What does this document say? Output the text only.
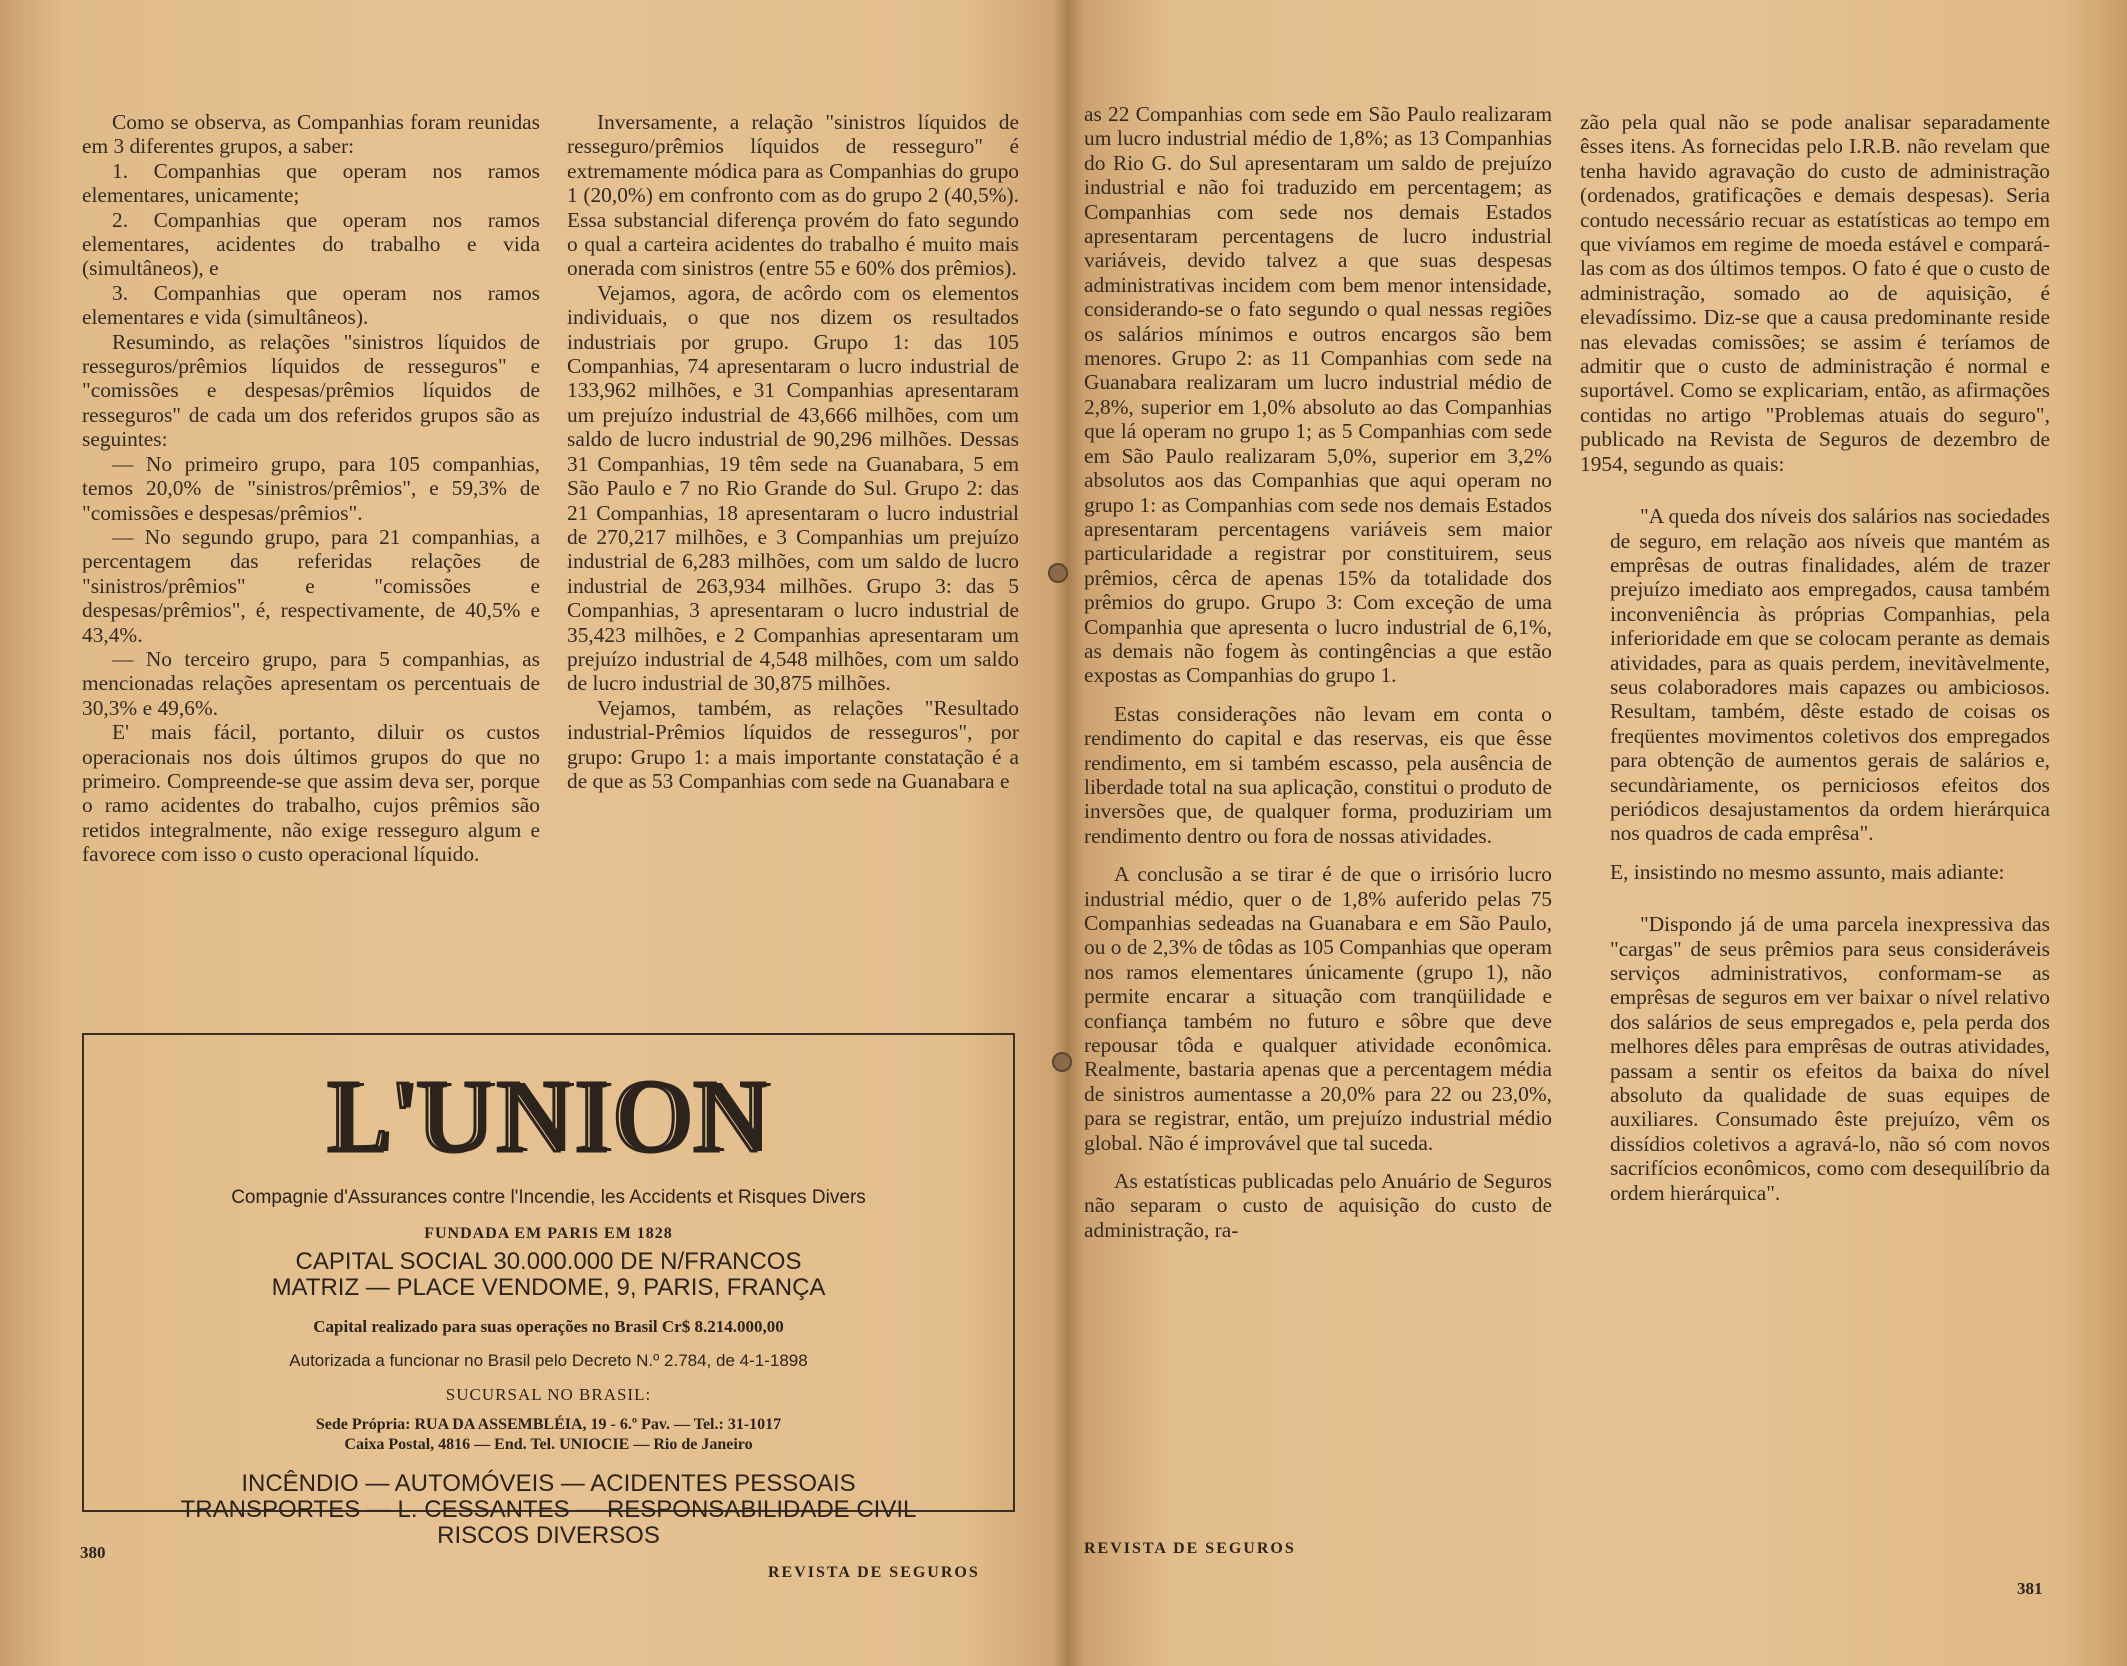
Como se observa, as Companhias foram reunidas em 3 diferentes grupos, a saber:

1. Companhias que operam nos ramos elementares, unicamente;

2. Companhias que operam nos ramos elementares, acidentes do trabalho e vida (simultâneos), e

3. Companhias que operam nos ramos elementares e vida (simultâneos).

Resumindo, as relações "sinistros líquidos de resseguros/prêmios líquidos de resseguros" e "comissões e despesas/prêmios líquidos de resseguros" de cada um dos referidos grupos são as seguintes:

— No primeiro grupo, para 105 companhias, temos 20,0% de "sinistros/prêmios", e 59,3% de "comissões e despesas/prêmios".

— No segundo grupo, para 21 companhias, a percentagem das referidas relações de "sinistros/prêmios" e "comissões e despesas/prêmios", é, respectivamente, de 40,5% e 43,4%.

— No terceiro grupo, para 5 companhias, as mencionadas relações apresentam os percentuais de 30,3% e 49,6%.

E' mais fácil, portanto, diluir os custos operacionais nos dois últimos grupos do que no primeiro. Compreende-se que assim deva ser, porque o ramo acidentes do trabalho, cujos prêmios são retidos integralmente, não exige resseguro algum e favorece com isso o custo operacional líquido.

Inversamente, a relação "sinistros líquidos de resseguro/prêmios líquidos de resseguro" é extremamente módica para as Companhias do grupo 1 (20,0%) em confronto com as do grupo 2 (40,5%). Essa substancial diferença provém do fato segundo o qual a carteira acidentes do trabalho é muito mais onerada com sinistros (entre 55 e 60% dos prêmios).

Vejamos, agora, de acôrdo com os elementos individuais, o que nos dizem os resultados industriais por grupo. Grupo 1: das 105 Companhias, 74 apresentaram o lucro industrial de 133,962 milhões, e 31 Companhias apresentaram um prejuízo industrial de 43,666 milhões, com um saldo de lucro industrial de 90,296 milhões. Dessas 31 Companhias, 19 têm sede na Guanabara, 5 em São Paulo e 7 no Rio Grande do Sul. Grupo 2: das 21 Companhias, 18 apresentaram o lucro industrial de 270,217 milhões, e 3 Companhias um prejuízo industrial de 6,283 milhões, com um saldo de lucro industrial de 263,934 milhões. Grupo 3: das 5 Companhias, 3 apresentaram o lucro industrial de 35,423 milhões, e 2 Companhias apresentaram um prejuízo industrial de 4,548 milhões, com um saldo de lucro industrial de 30,875 milhões.

Vejamos, também, as relações "Resultado industrial-Prêmios líquidos de resseguros", por grupo: Grupo 1: a mais importante constatação é a de que as 53 Companhias com sede na Guanabara e

L'UNION
Compagnie d'Assurances contre l'Incendie, les Accidents et Risques Divers
FUNDADA EM PARIS EM 1828
CAPITAL SOCIAL 30.000.000 DE N/FRANCOS
MATRIZ — PLACE VENDOME, 9, PARIS, FRANÇA
Capital realizado para suas operações no Brasil Cr$ 8.214.000,00
Autorizada a funcionar no Brasil pelo Decreto N.º 2.784, de 4-1-1898
SUCURSAL NO BRASIL:
Sede Própria: RUA DA ASSEMBLÉIA, 19 - 6.º Pav. — Tel.: 31-1017
Caixa Postal, 4816 — End. Tel. UNIOCIE — Rio de Janeiro
INCÊNDIO — AUTOMÓVEIS — ACIDENTES PESSOAIS
TRANSPORTES — L. CESSANTES — RESPONSABILIDADE CIVIL
RISCOS DIVERSOS
380
REVISTA DE SEGUROS

as 22 Companhias com sede em São Paulo realizaram um lucro industrial médio de 1,8%; as 13 Companhias do Rio G. do Sul apresentaram um saldo de prejuízo industrial e não foi traduzido em percentagem; as Companhias com sede nos demais Estados apresentaram percentagens de lucro industrial variáveis, devido talvez a que suas despesas administrativas incidem com bem menor intensidade, considerando-se o fato segundo o qual nessas regiões os salários mínimos e outros encargos são bem menores. Grupo 2: as 11 Companhias com sede na Guanabara realizaram um lucro industrial médio de 2,8%, superior em 1,0% absoluto ao das Companhias que lá operam no grupo 1; as 5 Companhias com sede em São Paulo realizaram 5,0%, superior em 3,2% absolutos aos das Companhias que aqui operam no grupo 1: as Companhias com sede nos demais Estados apresentaram percentagens variáveis sem maior particularidade a registrar por constituirem, seus prêmios, cêrca de apenas 15% da totalidade dos prêmios do grupo. Grupo 3: Com exceção de uma Companhia que apresenta o lucro industrial de 6,1%, as demais não fogem às contingências a que estão expostas as Companhias do grupo 1.

Estas considerações não levam em conta o rendimento do capital e das reservas, eis que êsse rendimento, em si também escasso, pela ausência de liberdade total na sua aplicação, constitui o produto de inversões que, de qualquer forma, produziriam um rendimento dentro ou fora de nossas atividades.

A conclusão a se tirar é de que o irrisório lucro industrial médio, quer o de 1,8% auferido pelas 75 Companhias sedeadas na Guanabara e em São Paulo, ou o de 2,3% de tôdas as 105 Companhias que operam nos ramos elementares únicamente (grupo 1), não permite encarar a situação com tranqüilidade e confiança também no futuro e sôbre que deve repousar tôda e qualquer atividade econômica. Realmente, bastaria apenas que a percentagem média de sinistros aumentasse a 20,0% para 22 ou 23,0%, para se registrar, então, um prejuízo industrial médio global. Não é improvável que tal suceda.

As estatísticas publicadas pelo Anuário de Seguros não separam o custo de aquisição do custo de administração, ra-

zão pela qual não se pode analisar separadamente êsses itens. As fornecidas pelo I.R.B. não revelam que tenha havido agravação do custo de administração (ordenados, gratificações e demais despesas). Seria contudo necessário recuar as estatísticas ao tempo em que vivíamos em regime de moeda estável e compará-las com as dos últimos tempos. O fato é que o custo de administração, somado ao de aquisição, é elevadíssimo. Diz-se que a causa predominante reside nas elevadas comissões; se assim é teríamos de admitir que o custo de administração é normal e suportável. Como se explicariam, então, as afirmações contidas no artigo "Problemas atuais do seguro", publicado na Revista de Seguros de dezembro de 1954, segundo as quais:

"A queda dos níveis dos salários nas sociedades de seguro, em relação aos níveis que mantém as emprêsas de outras finalidades, além de trazer prejuízo imediato aos empregados, causa também inconveniência às próprias Companhias, pela inferioridade em que se colocam perante as demais atividades, para as quais perdem, inevitàvelmente, seus colaboradores mais capazes ou ambiciosos. Resultam, também, dêste estado de coisas os freqüentes movimentos coletivos dos empregados para obtenção de aumentos gerais de salários e, secundàriamente, os perniciosos efeitos dos periódicos desajustamentos da ordem hierárquica nos quadros de cada emprêsa".

E, insistindo no mesmo assunto, mais adiante:

"Dispondo já de uma parcela inexpressiva das "cargas" de seus prêmios para seus consideráveis serviços administrativos, conformam-se as emprêsas de seguros em ver baixar o nível relativo dos salários de seus empregados e, pela perda dos melhores dêles para emprêsas de outras atividades, passam a sentir os efeitos da baixa do nível absoluto da qualidade de suas equipes de auxiliares. Consumado êste prejuízo, vêm os dissídios coletivos a agravá-lo, não só com novos sacrifícios econômicos, como com desequilíbrio da ordem hierárquica".

REVISTA DE SEGUROS
381
